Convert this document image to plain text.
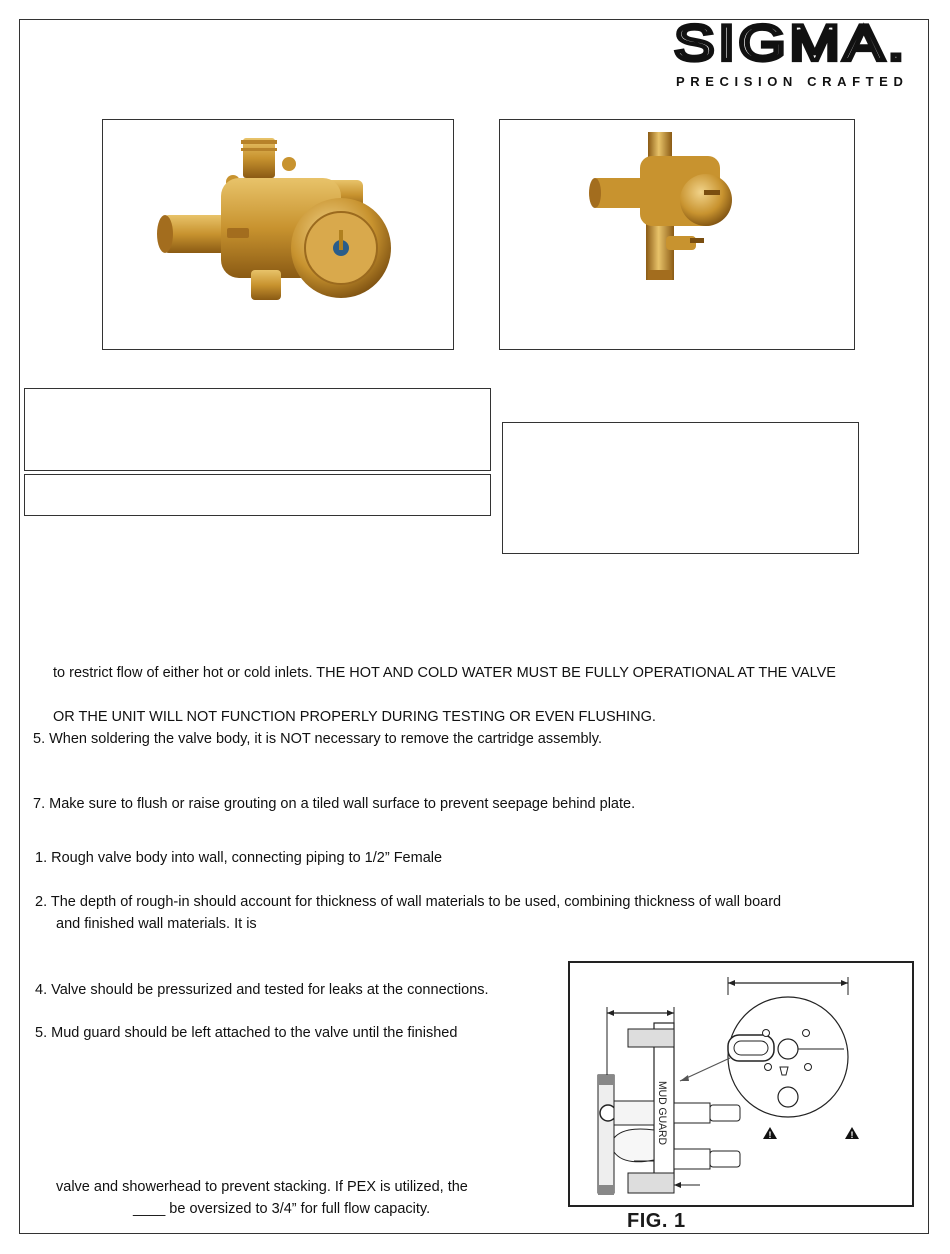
SIGMA.
PRECISION CRAFTED
to restrict flow of either hot or cold inlets. THE HOT AND COLD WATER MUST BE FULLY OPERATIONAL AT THE VALVE
OR THE UNIT WILL NOT FUNCTION PROPERLY DURING TESTING OR EVEN FLUSHING.
5. When soldering the valve body, it is NOT necessary to remove the cartridge assembly.
7. Make sure to flush or raise grouting on a tiled wall surface to prevent seepage behind plate.
1. Rough valve body into wall, connecting piping to 1/2” Female
2. The depth of rough-in should account for thickness of wall materials to be used, combining thickness of wall board
and finished wall materials. It is
4. Valve should be pressurized and tested for leaks at the connections.
5. Mud guard should be left attached to the valve until the finished
valve and showerhead to prevent stacking. If PEX is utilized, the
____ be oversized to 3/4” for full flow capacity.
MUD GUARD	!	!
FIG. 1
